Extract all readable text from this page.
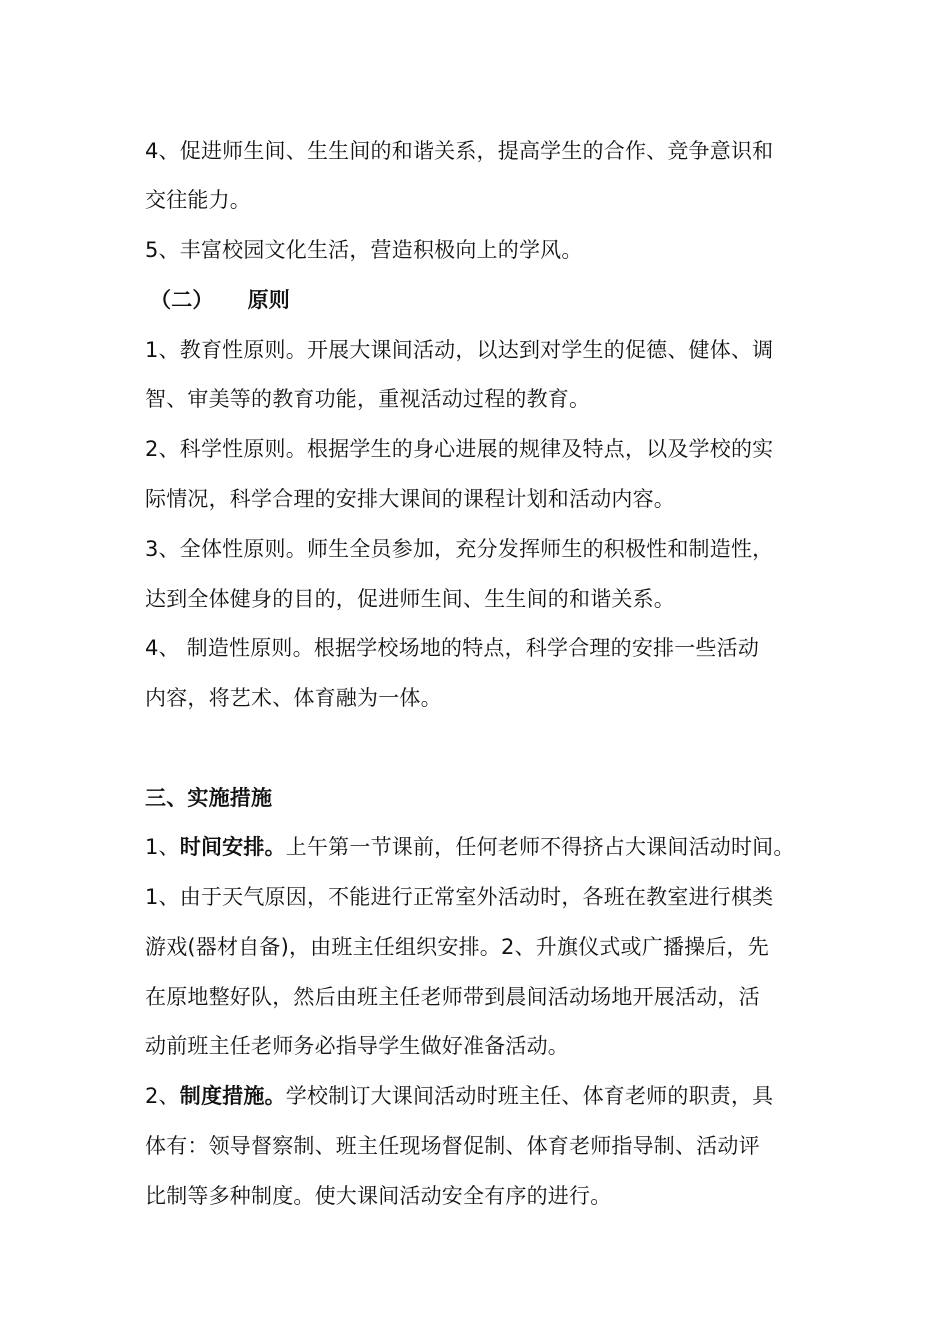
4、促进师生间、生生间的和谐关系，提高学生的合作、竞争意识和
交往能力。
5、丰富校园文化生活，营造积极向上的学风。
（二） 原则
1、教育性原则。开展大课间活动，以达到对学生的促德、健体、调
智、审美等的教育功能，重视活动过程的教育。
2、科学性原则。根据学生的身心进展的规律及特点，以及学校的实
际情况，科学合理的安排大课间的课程计划和活动内容。
3、全体性原则。师生全员参加，充分发挥师生的积极性和制造性，
达到全体健身的目的，促进师生间、生生间的和谐关系。
4、 制造性原则。根据学校场地的特点，科学合理的安排一些活动
内容，将艺术、体育融为一体。
三、实施措施
1、时间安排。上午第一节课前，任何老师不得挤占大课间活动时间。
1、由于天气原因，不能进行正常室外活动时，各班在教室进行棋类
游戏(器材自备)，由班主任组织安排。2、升旗仪式或广播操后，先
在原地整好队，然后由班主任老师带到晨间活动场地开展活动，活
动前班主任老师务必指导学生做好准备活动。
2、制度措施。学校制订大课间活动时班主任、体育老师的职责，具
体有：领导督察制、班主任现场督促制、体育老师指导制、活动评
比制等多种制度。使大课间活动安全有序的进行。
